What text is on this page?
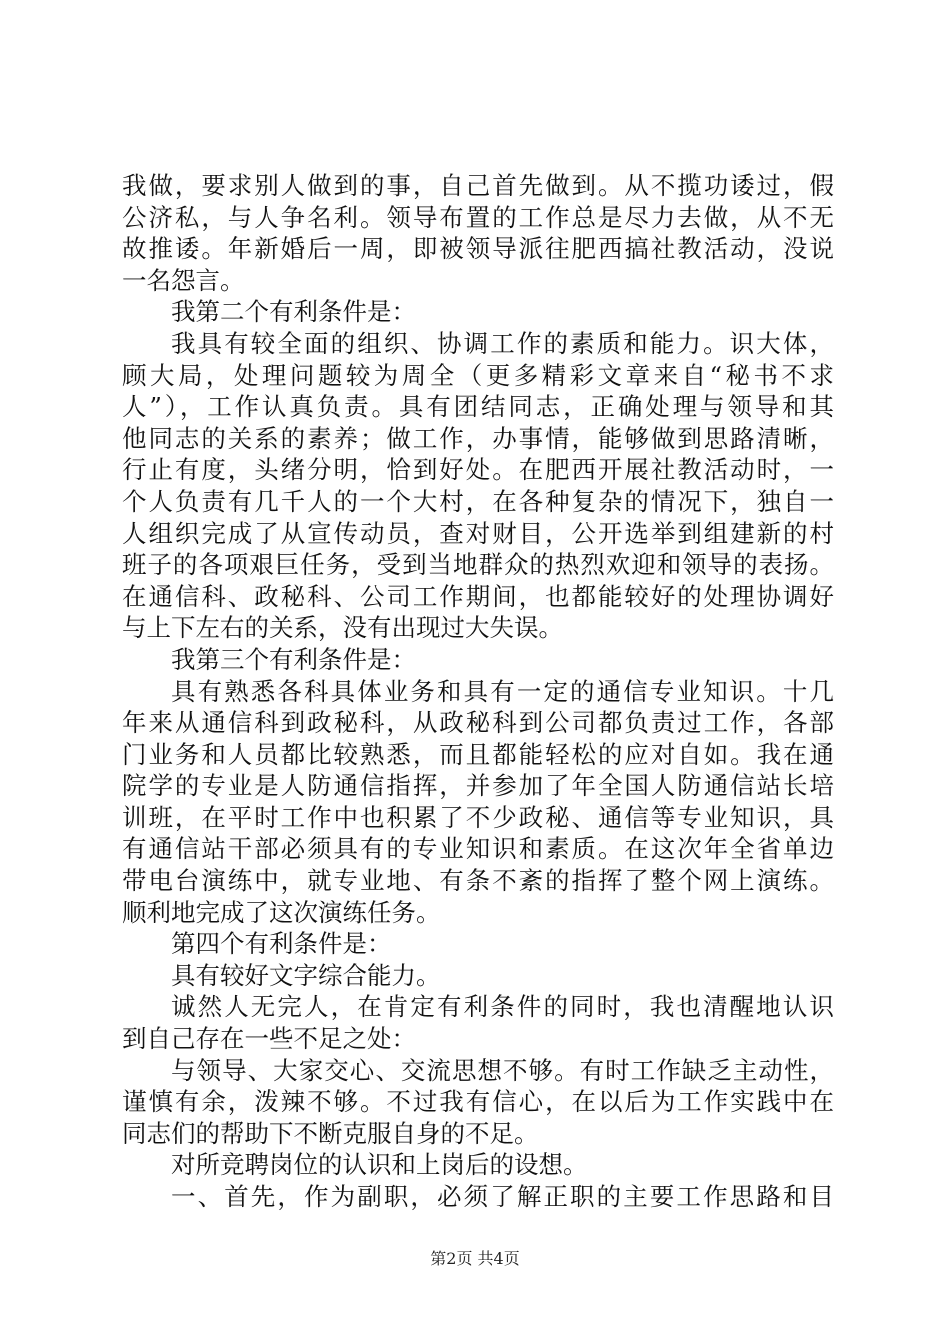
我做，要求别人做到的事，自己首先做到。从不揽功诿过，假
公济私，与人争名利。领导布置的工作总是尽力去做，从不无
故推诿。年新婚后一周，即被领导派往肥西搞社教活动，没说
一名怨言。
我第二个有利条件是：
我具有较全面的组织、协调工作的素质和能力。识大体，
顾大局，处理问题较为周全（更多精彩文章来自“秘书不求
人”），工作认真负责。具有团结同志，正确处理与领导和其
他同志的关系的素养；做工作，办事情，能够做到思路清晰，
行止有度，头绪分明，恰到好处。在肥西开展社教活动时，一
个人负责有几千人的一个大村，在各种复杂的情况下，独自一
人组织完成了从宣传动员，查对财目，公开选举到组建新的村
班子的各项艰巨任务，受到当地群众的热烈欢迎和领导的表扬。
在通信科、政秘科、公司工作期间，也都能较好的处理协调好
与上下左右的关系，没有出现过大失误。
我第三个有利条件是：
具有熟悉各科具体业务和具有一定的通信专业知识。十几
年来从通信科到政秘科，从政秘科到公司都负责过工作，各部
门业务和人员都比较熟悉，而且都能轻松的应对自如。我在通
院学的专业是人防通信指挥，并参加了年全国人防通信站长培
训班，在平时工作中也积累了不少政秘、通信等专业知识，具
有通信站干部必须具有的专业知识和素质。在这次年全省单边
带电台演练中，就专业地、有条不紊的指挥了整个网上演练。
顺利地完成了这次演练任务。
第四个有利条件是：
具有较好文字综合能力。
诚然人无完人，在肯定有利条件的同时，我也清醒地认识
到自己存在一些不足之处：
与领导、大家交心、交流思想不够。有时工作缺乏主动性，
谨慎有余，泼辣不够。不过我有信心，在以后为工作实践中在
同志们的帮助下不断克服自身的不足。
对所竞聘岗位的认识和上岗后的设想。
一、首先，作为副职，必须了解正职的主要工作思路和目
第2页 共4页
